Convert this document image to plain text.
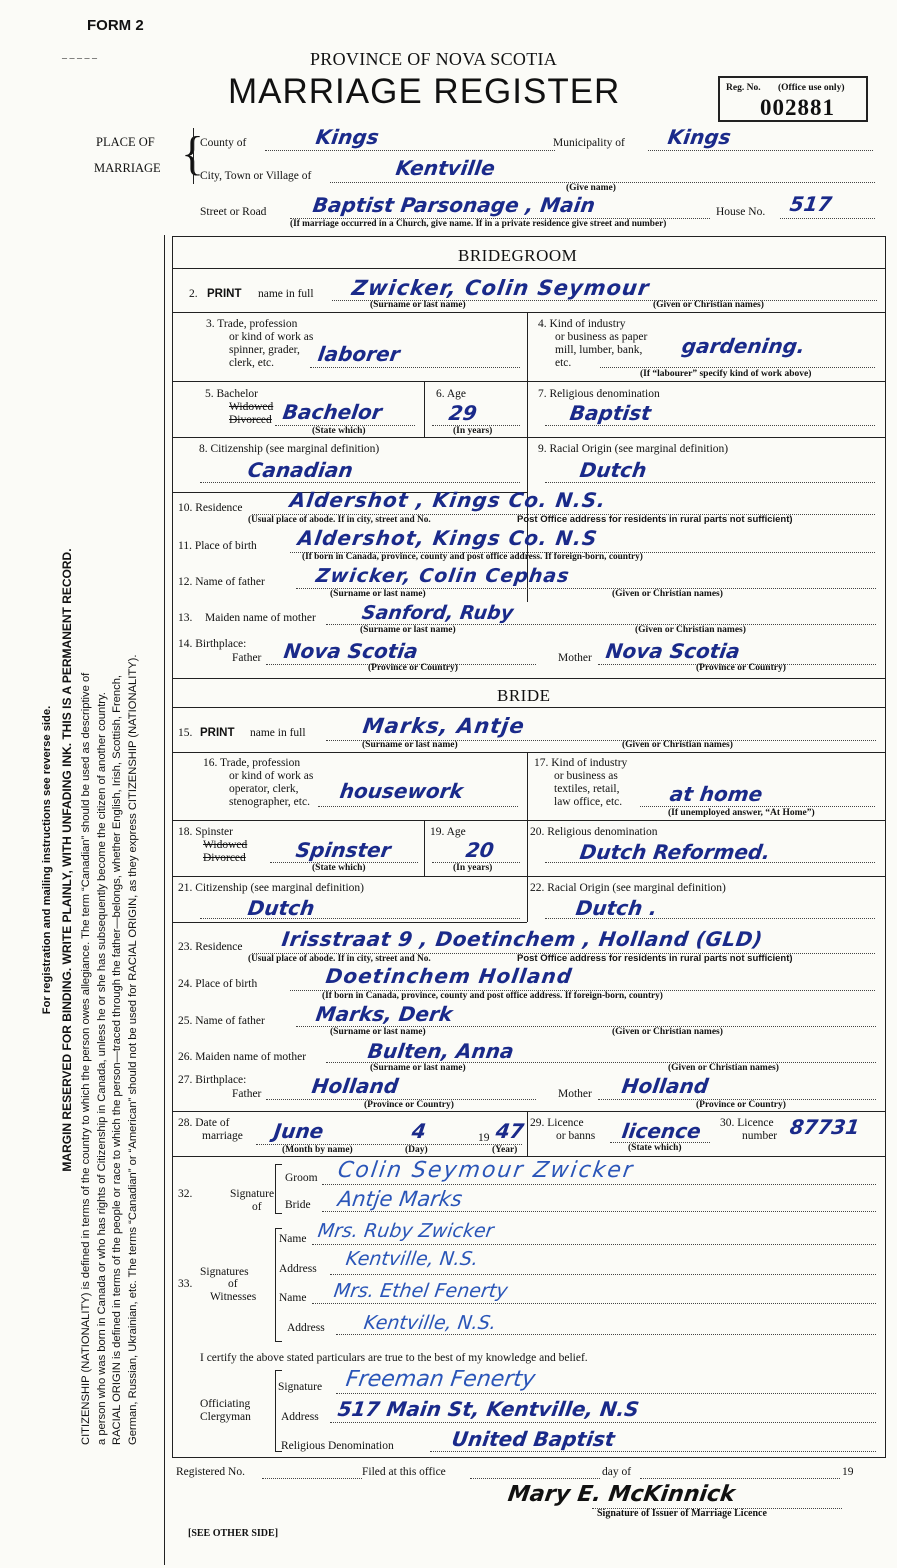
FORM 2
– – – – –	PROVINCE OF NOVA SCOTIA
MARRIAGE REGISTER	Reg. No. (Office use only)
002881
For registration and mailing instructions see reverse side. MARGIN RESERVED FOR BINDING. WRITE PLAINLY, WITH UNFADING INK. THIS IS A PERMANENT RECORD. CITIZENSHIP (NATIONALITY) is defined in terms of the country to which the person owes allegiance. The term “Canadian” should be used as descriptive of a person who was born in Canada or who has rights of Citizenship in Canada, unless he or she has subsequently become the citizen of another country. RACIAL ORIGIN is defined in terms of the people or race to which the person—traced through the father—belongs, whether English, Irish, Scottish, French, German, Russian, Ukrainian, etc. The terms “Canadian” or “American” should not be used for RACIAL ORIGIN, as they express CITIZENSHIP (NATIONALITY).
PLACE OF
MARRIAGE {
County of	Kings	Municipality of Kings
City, Town or Village of	Kentville
(Give name)
Street or Road Baptist Parsonage , Main	House No. 517
(If marriage occurred in a Church, give name. If in a private residence give street and number)
BRIDEGROOM
2. PRINT name in full Zwicker, Colin Seymour
(Surname or last name)	(Given or Christian names)
3. Trade, profession
or kind of work as
spinner, grader,
clerk, etc. laborer
4. Kind of industry
or business as paper
mill, lumber, bank,
etc.
gardening.
(If “labourer” specify kind of work above)
5. Bachelor
Widowed
Divorced Bachelor
(State which)
6. Age
29
(In years)
7. Religious denomination
Baptist
8. Citizenship (see marginal definition)
Canadian
9. Racial Origin (see marginal definition)
Dutch
10. Residence Aldershot , Kings Co. N.S.
(Usual place of abode. If in city, street and No.	Post Office address for residents in rural parts not sufficient)
11. Place of birth Aldershot, Kings Co. N.S
(If born in Canada, province, county and post office address. If foreign-born, country)
12. Name of father	Zwicker, Colin Cephas
(Surname or last name)	(Given or Christian names)
13. Maiden name of mother Sanford, Ruby
(Surname or last name)	(Given or Christian names)
14. Birthplace:
Father Nova Scotia
(Province or Country)
Mother Nova Scotia
(Province or Country)
BRIDE
15. PRINT name in full	Marks, Antje
(Surname or last name)	(Given or Christian names)
16. Trade, profession
or kind of work as
operator, clerk,
stenographer, etc. housework
17. Kind of industry
or business as
textiles, retail,
law office, etc. at home
(If unemployed answer, “At Home”)
18. Spinster
Widowed
Divorced Spinster
(State which)
19. Age
20
(In years)
20. Religious denomination
Dutch Reformed.
21. Citizenship (see marginal definition)
Dutch
22. Racial Origin (see marginal definition)
Dutch .
23. Residence Irisstraat 9 , Doetinchem , Holland (GLD)
(Usual place of abode. If in city, street and No.	Post Office address for residents in rural parts not sufficient)
24. Place of birth	Doetinchem Holland
(If born in Canada, province, county and post office address. If foreign-born, country)
25. Name of father Marks, Derk
(Surname or last name)	(Given or Christian names)
26. Maiden name of mother	Bulten, Anna
(Surname or last name)	(Given or Christian names)
27. Birthplace:
Father Holland
(Province or Country)
Mother Holland
(Province or Country)
28. Date of
marriage June	4	19 47
(Month by name)	(Day)	(Year)
29. Licence
or banns licence
(State which)
30. Licence
number 87731
32.	Signature
of
Groom Colin Seymour Zwicker
Bride Antje Marks
33.
Signatures
of
Witnesses
Name Mrs. Ruby Zwicker
Address Kentville, N.S.
Name Mrs. Ethel Fenerty
Address Kentville, N.S.
I certify the above stated particulars are true to the best of my knowledge and belief.
Signature Freeman Fenerty
Officiating
Clergyman	Address 517 Main St, Kentville, N.S
Religious Denomination	United Baptist
Registered No.	Filed at this office	day of	19
Mary E. McKinnick
Signature of Issuer of Marriage Licence
[SEE OTHER SIDE]
